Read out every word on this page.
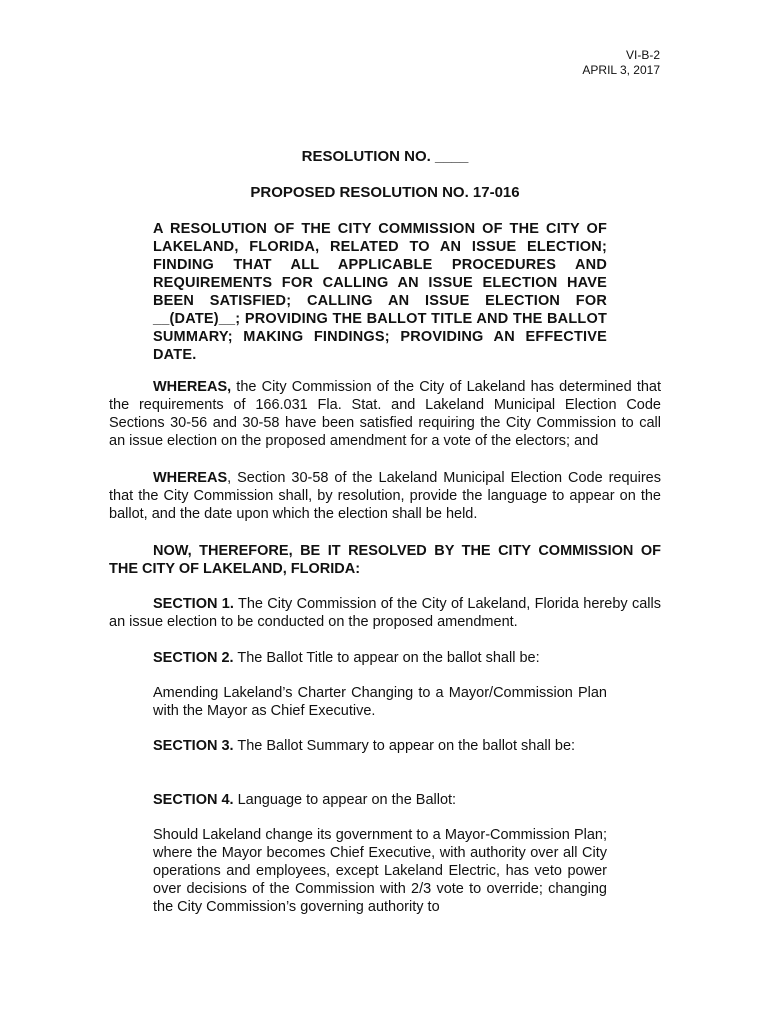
VI-B-2
APRIL 3, 2017
RESOLUTION NO. ____
PROPOSED RESOLUTION NO. 17-016
A RESOLUTION OF THE CITY COMMISSION OF THE CITY OF LAKELAND, FLORIDA, RELATED TO AN ISSUE ELECTION; FINDING THAT ALL APPLICABLE PROCEDURES AND REQUIREMENTS FOR CALLING AN ISSUE ELECTION HAVE BEEN SATISFIED; CALLING AN ISSUE ELECTION FOR __(DATE)__; PROVIDING THE BALLOT TITLE AND THE BALLOT SUMMARY; MAKING FINDINGS; PROVIDING AN EFFECTIVE DATE.
WHEREAS, the City Commission of the City of Lakeland has determined that the requirements of 166.031 Fla. Stat. and Lakeland Municipal Election Code Sections 30-56 and 30-58 have been satisfied requiring the City Commission to call an issue election on the proposed amendment for a vote of the electors; and
WHEREAS, Section 30-58 of the Lakeland Municipal Election Code requires that the City Commission shall, by resolution, provide the language to appear on the ballot, and the date upon which the election shall be held.
NOW, THEREFORE, BE IT RESOLVED BY THE CITY COMMISSION OF THE CITY OF LAKELAND, FLORIDA:
SECTION 1. The City Commission of the City of Lakeland, Florida hereby calls an issue election to be conducted on the proposed amendment.
SECTION 2. The Ballot Title to appear on the ballot shall be:
Amending Lakeland’s Charter Changing to a Mayor/Commission Plan with the Mayor as Chief Executive.
SECTION 3. The Ballot Summary to appear on the ballot shall be:
SECTION 4. Language to appear on the Ballot:
Should Lakeland change its government to a Mayor-Commission Plan; where the Mayor becomes Chief Executive, with authority over all City operations and employees, except Lakeland Electric, has veto power over decisions of the Commission with 2/3 vote to override; changing the City Commission’s governing authority to
